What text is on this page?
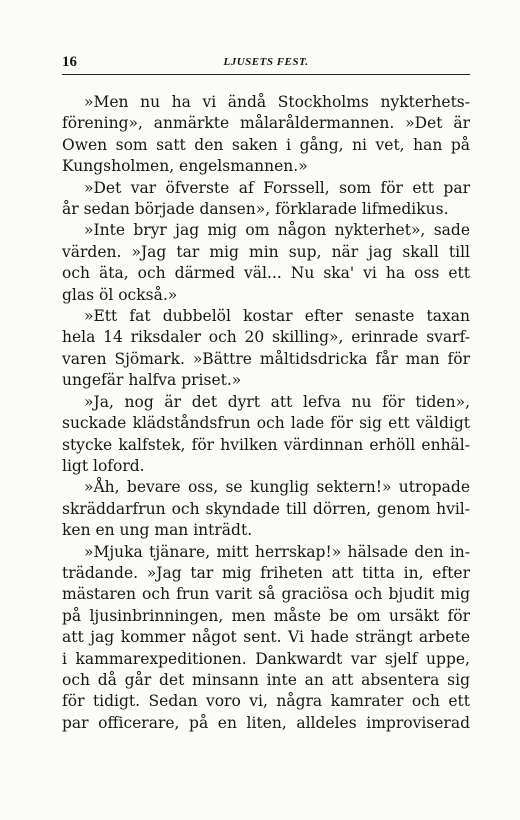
16	LJUSETS FEST.

»Men nu ha vi ändå Stockholms nykterhets-
förening», anmärkte målaråldermannen. »Det är
Owen som satt den saken i gång, ni vet, han på
Kungsholmen, engelsmannen.»

»Det var öfverste af Forssell, som för ett par
år sedan började dansen», förklarade lifmedikus.

»Inte bryr jag mig om någon nykterhet», sade
värden. »Jag tar mig min sup, när jag skall till
och äta, och därmed väl... Nu ska' vi ha oss ett
glas öl också.»

»Ett fat dubbelöl kostar efter senaste taxan
hela 14 riksdaler och 20 skilling», erinrade svarf-
varen Sjömark. »Bättre måltidsdricka får man för
ungefär halfva priset.»

»Ja, nog är det dyrt att lefva nu för tiden»,
suckade klädståndsfrun och lade för sig ett väldigt
stycke kalfstek, för hvilken värdinnan erhöll enhäl-
ligt loford.

»Åh, bevare oss, se kunglig sektern!» utropade
skräddarfrun och skyndade till dörren, genom hvil-
ken en ung man inträdt.

»Mjuka tjänare, mitt herrskap!» hälsade den in-
trädande. »Jag tar mig friheten att titta in, efter
mästaren och frun varit så graciösa och bjudit mig
på ljusinbrinningen, men måste be om ursäkt för
att jag kommer något sent. Vi hade strängt arbete
i kammarexpeditionen. Dankwardt var sjelf uppe,
och då går det minsann inte an att absentera sig
för tidigt. Sedan voro vi, några kamrater och ett
par officerare, på en liten, alldeles improviserad
